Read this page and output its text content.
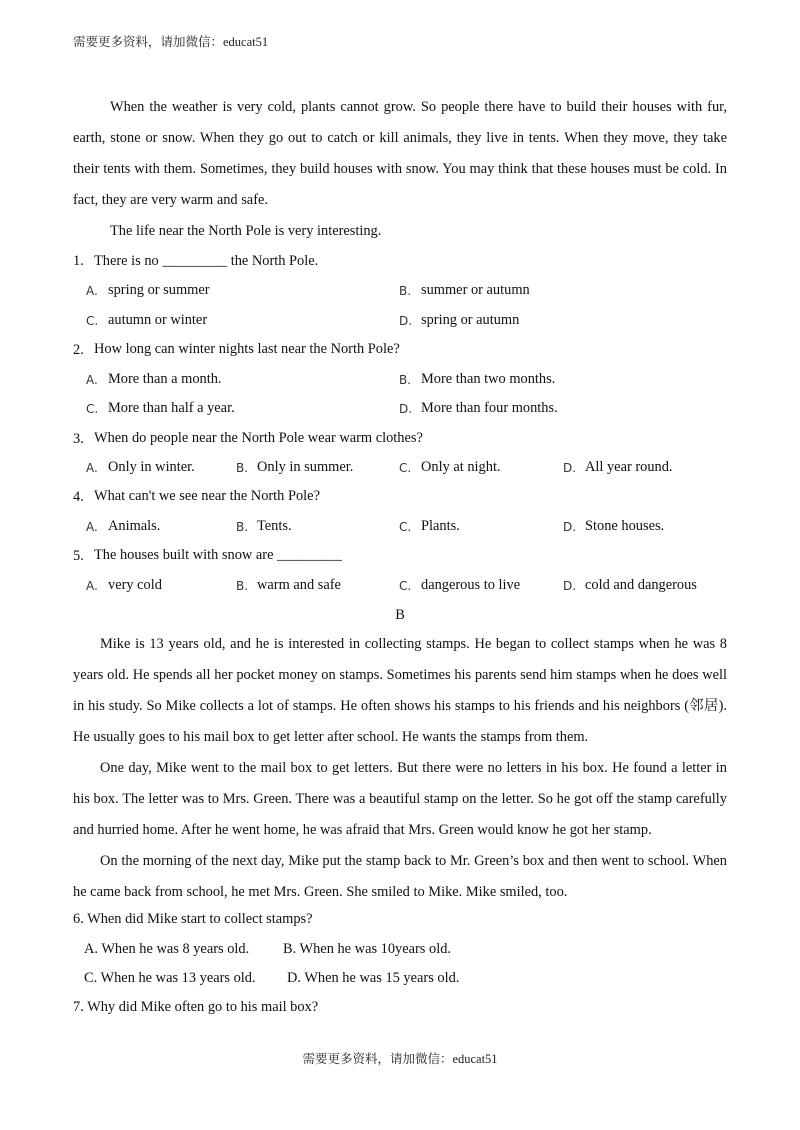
需要更多资料，请加微信：educat51

When the weather is very cold, plants cannot grow. So people there have to build their houses with fur, earth, stone or snow. When they go out to catch or kill animals, they live in tents. When they move, they take their tents with them. Sometimes, they build houses with snow. You may think that these houses must be cold. In fact, they are very warm and safe.

The life near the North Pole is very interesting.
1. There is no _________ the North Pole.
A. spring or summer	B. summer or autumn
C. autumn or winter	D. spring or autumn
2. How long can winter nights last near the North Pole?
A. More than a month.	B. More than two months.
C. More than half a year.	D. More than four months.
3. When do people near the North Pole wear warm clothes?
A. Only in winter.	B. Only in summer.	C. Only at night.	D. All year round.
4. What can't we see near the North Pole?
A. Animals.	B. Tents.	C. Plants.	D. Stone houses.
5. The houses built with snow are _________
A. very cold	B. warm and safe	C. dangerous to live	D. cold and dangerous
B

Mike is 13 years old, and he is interested in collecting stamps. He began to collect stamps when he was 8 years old. He spends all her pocket money on stamps. Sometimes his parents send him stamps when he does well in his study. So Mike collects a lot of stamps. He often shows his stamps to his friends and his neighbors (邻居). He usually goes to his mail box to get letter after school. He wants the stamps from them.

One day, Mike went to the mail box to get letters. But there were no letters in his box. He found a letter in his box. The letter was to Mrs. Green. There was a beautiful stamp on the letter. So he got off the stamp carefully and hurried home. After he went home, he was afraid that Mrs. Green would know he got her stamp.

On the morning of the next day, Mike put the stamp back to Mr. Green’s box and then went to school. When he came back from school, he met Mrs. Green. She smiled to Mike. Mike smiled, too.

6. When did Mike start to collect stamps?
A. When he was 8 years old. B. When he was 10years old.
C. When he was 13 years old. D. When he was 15 years old.
7. Why did Mike often go to his mail box?
需要更多资料，请加微信：educat51
